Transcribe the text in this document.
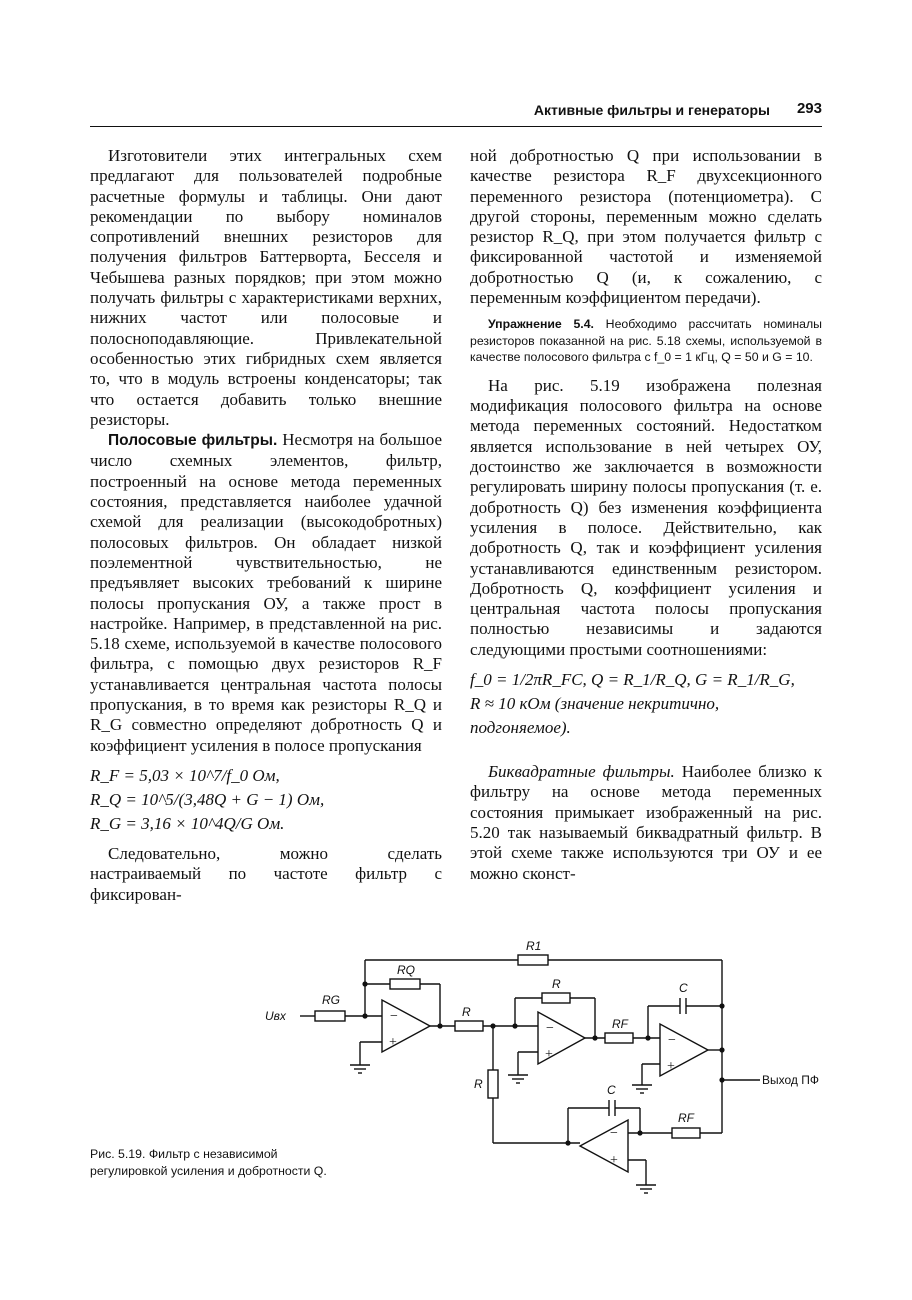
Активные фильтры и генераторы 293

Изготовители этих интегральных схем предлагают для пользователей подробные расчетные формулы и таблицы. Они дают рекомендации по выбору номиналов сопротивлений внешних резисторов для получения фильтров Баттерворта, Бесселя и Чебышева разных порядков; при этом можно получать фильтры с характеристиками верхних, нижних частот или полосовые и полосноподавляющие. Привлекательной особенностью этих гибридных схем является то, что в модуль встроены конденсаторы; так что остается добавить только внешние резисторы.

Полосовые фильтры. Несмотря на большое число схемных элементов, фильтр, построенный на основе метода переменных состояния, представляется наиболее удачной схемой для реализации (высокодобротных) полосовых фильтров. Он обладает низкой поэлементной чувствительностью, не предъявляет высоких требований к ширине полосы пропускания ОУ, а также прост в настройке. Например, в представленной на рис. 5.18 схеме, используемой в качестве полосового фильтра, с помощью двух резисторов R_F устанавливается центральная частота полосы пропускания, в то время как резисторы R_Q и R_G совместно определяют добротность Q и коэффициент усиления в полосе пропускания

R_F = 5,03 × 10^7/f_0 Ом,
R_Q = 10^5/(3,48Q + G − 1) Ом,
R_G = 3,16 × 10^4Q/G Ом.

Следовательно, можно сделать настраиваемый по частоте фильтр с фиксирован-

ной добротностью Q при использовании в качестве резистора R_F двухсекционного переменного резистора (потенциометра). С другой стороны, переменным можно сделать резистор R_Q, при этом получается фильтр с фиксированной частотой и изменяемой добротностью Q (и, к сожалению, с переменным коэффициентом передачи).

Упражнение 5.4. Необходимо рассчитать номиналы резисторов показанной на рис. 5.18 схемы, используемой в качестве полосового фильтра с f_0 = 1 кГц, Q = 50 и G = 10.

На рис. 5.19 изображена полезная модификация полосового фильтра на основе метода переменных состояний. Недостатком является использование в ней четырех ОУ, достоинство же заключается в возможности регулировать ширину полосы пропускания (т. е. добротность Q) без изменения коэффициента усиления в полосе. Действительно, как добротность Q, так и коэффициент усиления устанавливаются единственным резистором. Добротность Q, коэффициент усиления и центральная частота полосы пропускания полностью независимы и задаются следующими простыми соотношениями:

f_0 = 1/2πR_FC, Q = R_1/R_Q, G = R_1/R_G,
R ≈ 10 кОм (значение некритично, подгоняемое).

Биквадратные фильтры. Наиболее близко к фильтру на основе метода переменных состояния примыкает изображенный на рис. 5.20 так называемый биквадратный фильтр. В этой схеме также используются три ОУ и ее можно сконст-

Uвх
RG
−
+
RQ
R1
R
−
+
R
R
RF
−
+
C
Выход ПФ
RF
−
+
C
Рис. 5.19. Фильтр с независимой регулировкой усиления и добротности Q.
